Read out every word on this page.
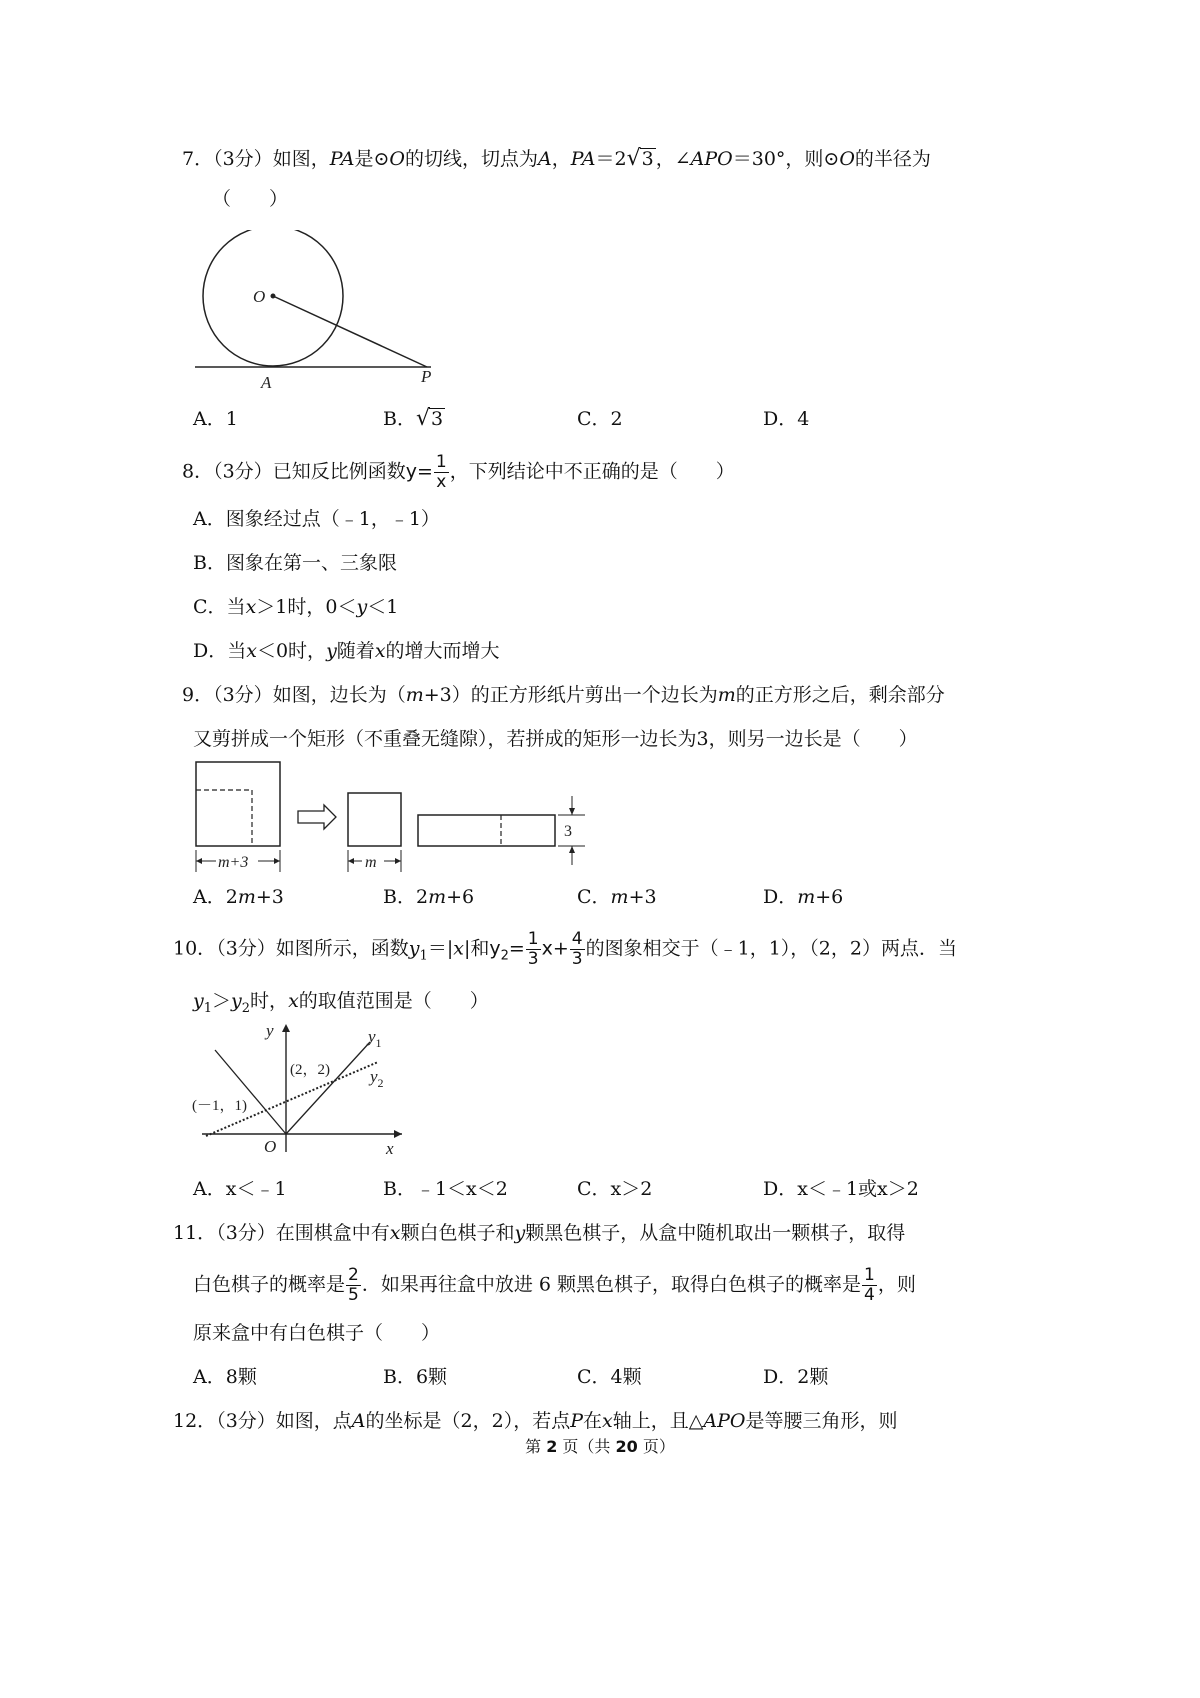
7．（3分）如图，PA是⊙O的切线，切点为A，PA＝2√3 ，∠APO＝30°，则⊙O的半径为
（　　）
O
A	P
A．1	B．√3	C．2	D．4
8．（3分）已知反比例函数$y= \frac{1}{x}$ ，下列结论中不正确的是（　　）
A．图象经过点（﹣1，﹣1）
B．图象在第一、三象限
C．当x＞1时，0＜y＜1
D．当x＜0时，y随着x的增大而增大
9．（3分）如图，边长为（m+3）的正方形纸片剪出一个边长为m的正方形之后，剩余部分
又剪拼成一个矩形（不重叠无缝隙），若拼成的矩形一边长为3，则另一边长是（　　）
m+3	m
3
A．2m+3	B．2m+6	C．m+3	D．m+6
10．（3分）如图所示，函数$y_1=|x|$和$y_2= \frac{1}{3} x+ \frac{4}{3}$ 的图象相交于（﹣1，1），（2，2）两点．当
$y_1>y_2$时，x的取值范围是（　　）
y	$y_1$
$y_2$
(2，2)
(－1，1)
O	x
A．x＜﹣1	B．﹣1＜x＜2	C．x＞2	D．x＜﹣1或x＞2
11．（3分）在围棋盒中有x颗白色棋子和y颗黑色棋子，从盒中随机取出一颗棋子，取得
白色棋子的概率是 $\frac{2}{5}$ ．如果再往盒中放进 6 颗黑色棋子，取得白色棋子的概率是 $\frac{1}{4}$ ，则
原来盒中有白色棋子（　　）
A．8颗	B．6颗	C．4颗	D．2颗
12．（3分）如图，点A的坐标是（2，2），若点P在x轴上，且△APO是等腰三角形，则
第 2 页（共 20 页）
